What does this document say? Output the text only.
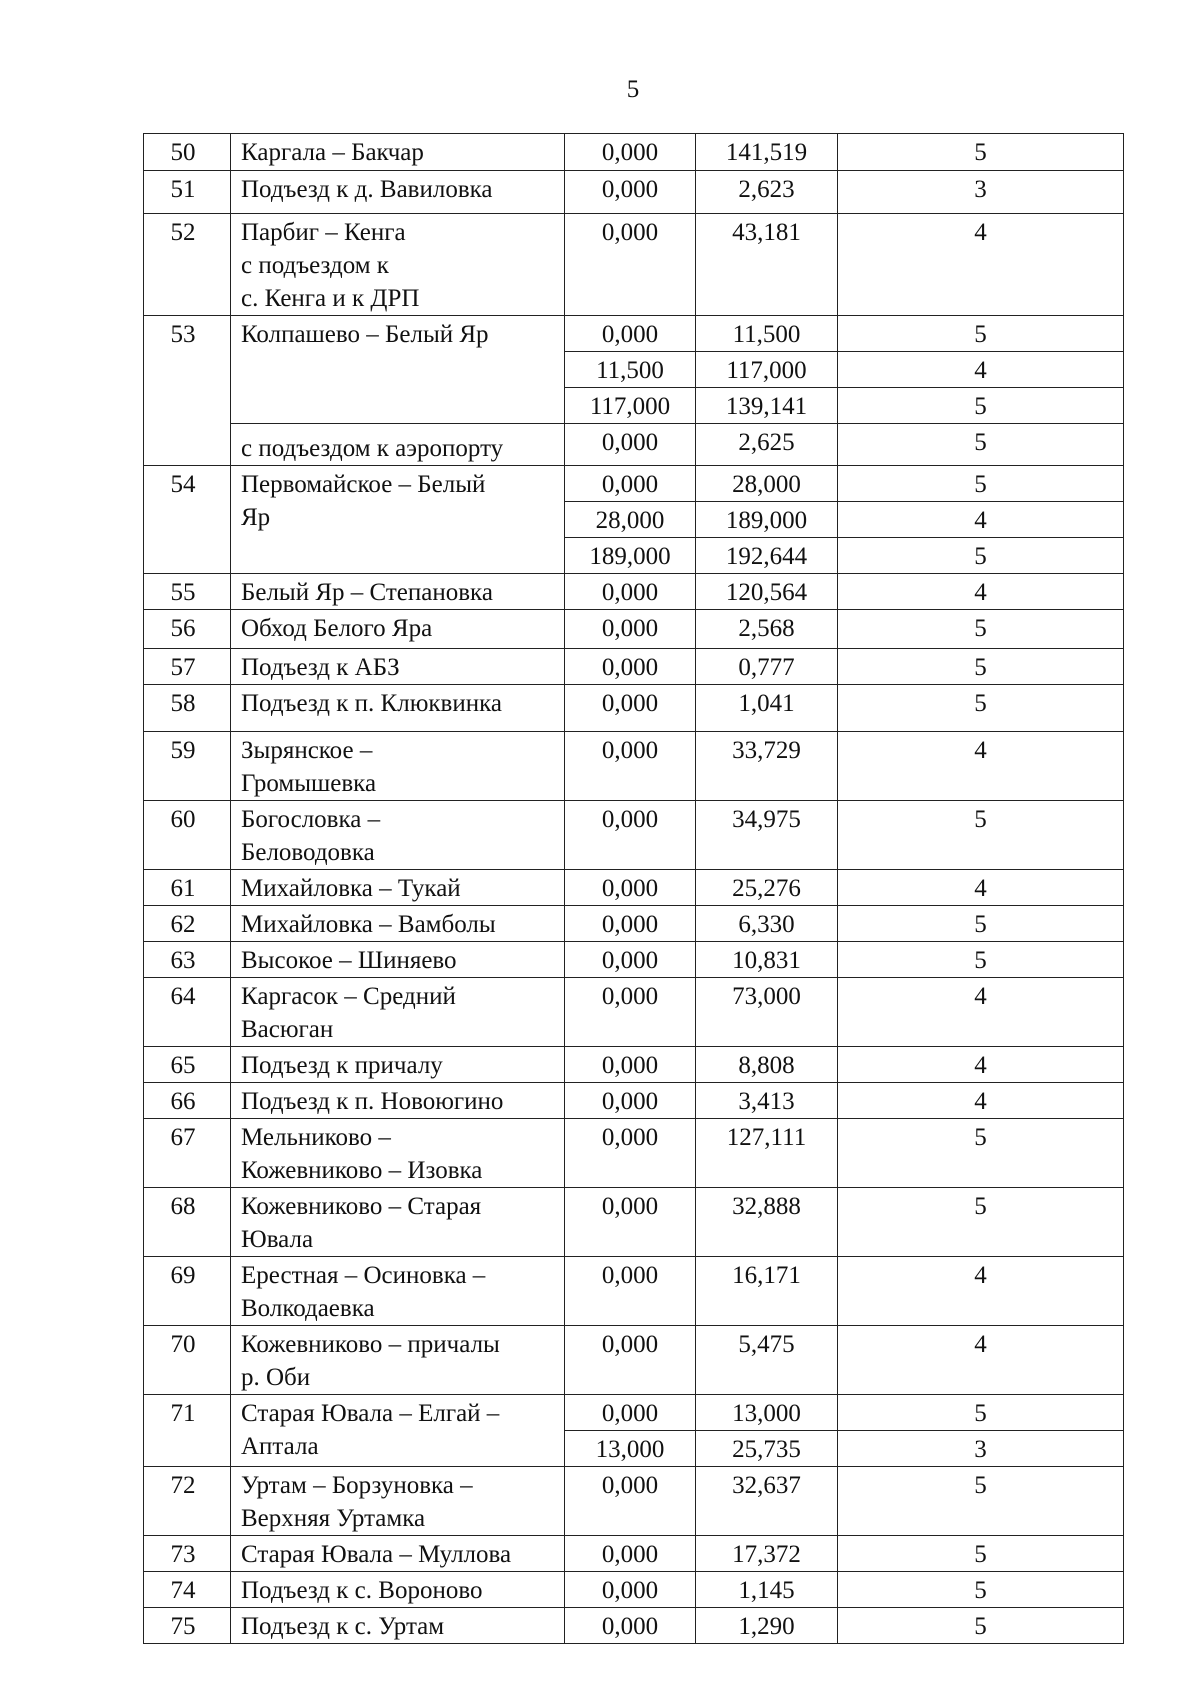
5
50	Каргала – Бакчар	0,000	141,519	5
51	Подъезд к д. Вавиловка	0,000	2,623	3
52	Парбиг – Кенга
с подъездом к
с. Кенга и к ДРП	0,000	43,181	4
53	Колпашево – Белый Яр	0,000	11,500	5
		11,500	117,000	4
		117,000	139,141	5
	с подъездом к аэропорту	0,000	2,625	5
54	Первомайское – Белый
Яр	0,000	28,000	5
		28,000	189,000	4
		189,000	192,644	5
55	Белый Яр – Степановка	0,000	120,564	4
56	Обход Белого Яра	0,000	2,568	5
57	Подъезд к АБЗ	0,000	0,777	5
58	Подъезд к п. Клюквинка	0,000	1,041	5
59	Зырянское –
Громышевка	0,000	33,729	4
60	Богословка –
Беловодовка	0,000	34,975	5
61	Михайловка – Тукай	0,000	25,276	4
62	Михайловка – Вамболы	0,000	6,330	5
63	Высокое – Шиняево	0,000	10,831	5
64	Каргасок – Средний
Васюган	0,000	73,000	4
65	Подъезд к причалу	0,000	8,808	4
66	Подъезд к п. Новоюгино	0,000	3,413	4
67	Мельниково –
Кожевниково – Изовка	0,000	127,111	5
68	Кожевниково – Старая
Ювала	0,000	32,888	5
69	Ерестная – Осиновка –
Волкодаевка	0,000	16,171	4
70	Кожевниково – причалы
р. Оби	0,000	5,475	4
71	Старая Ювала – Елгай –
Аптала	0,000	13,000	5
		13,000	25,735	3
72	Уртам – Борзуновка –
Верхняя Уртамка	0,000	32,637	5
73	Старая Ювала – Муллова	0,000	17,372	5
74	Подъезд к с. Вороново	0,000	1,145	5
75	Подъезд к с. Уртам	0,000	1,290	5
